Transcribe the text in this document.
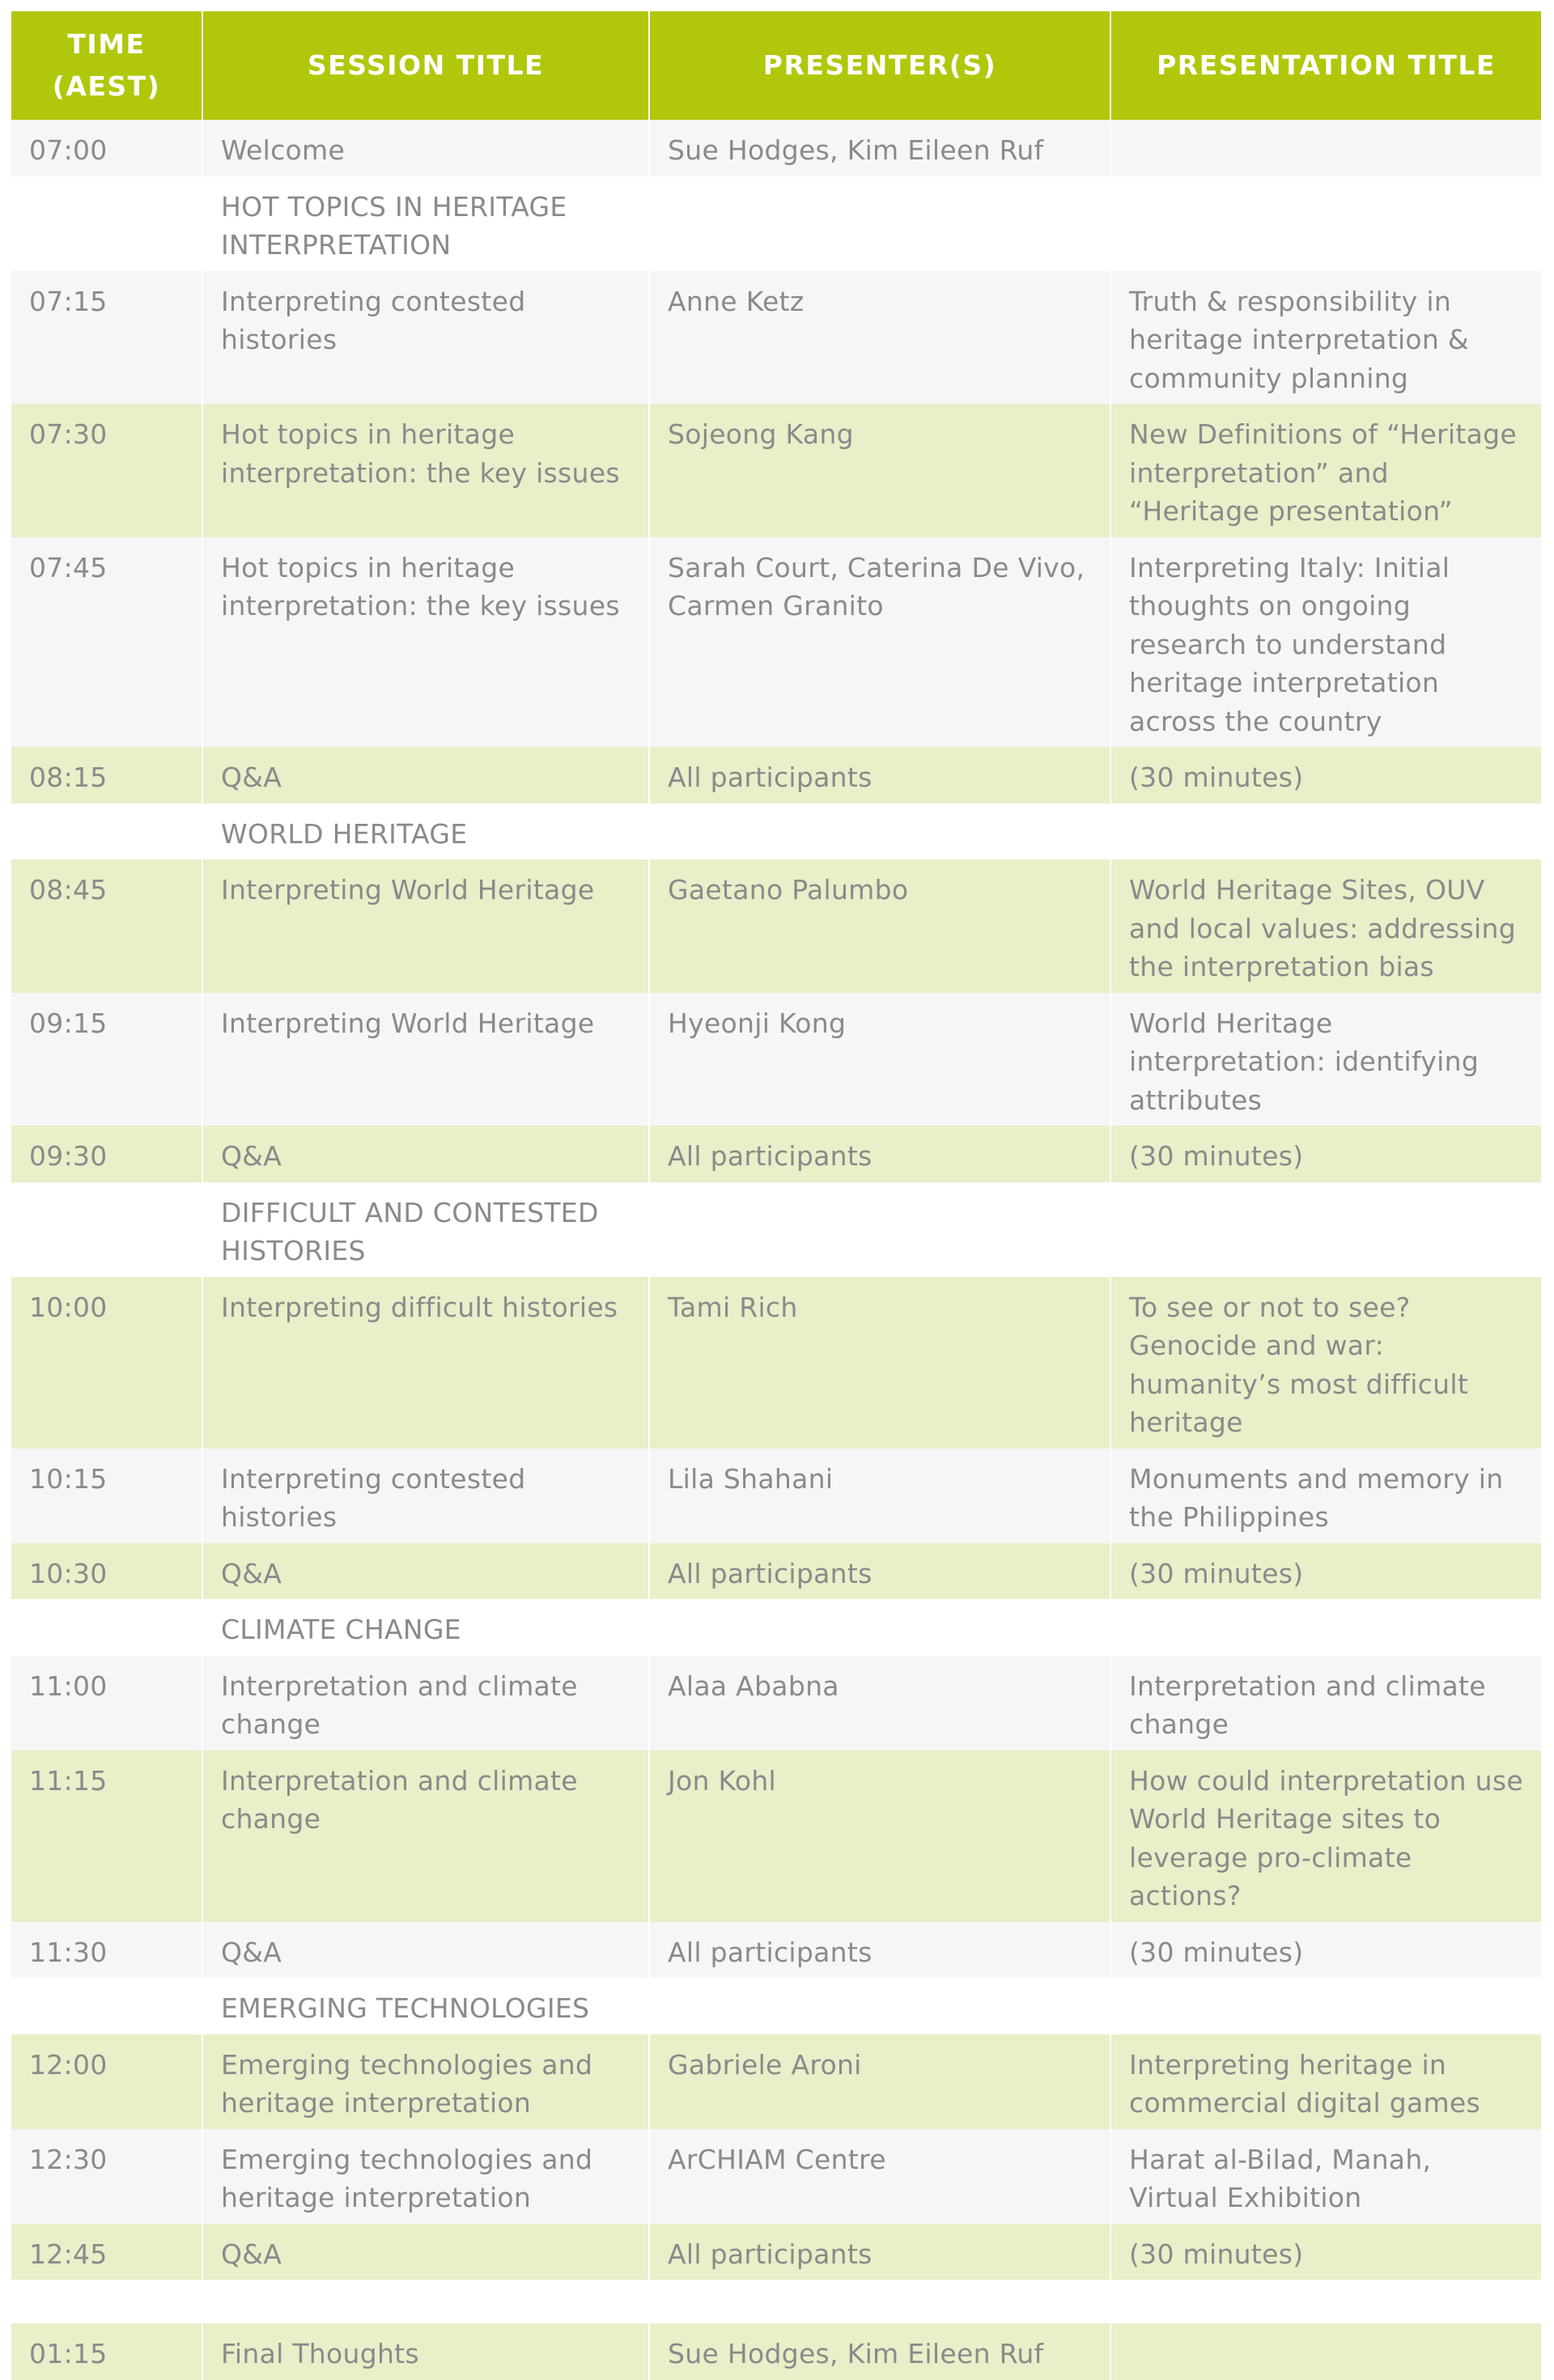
TIME
(AEST)	SESSION TITLE	PRESENTER(S)	PRESENTATION TITLE
07:00	Welcome	Sue Hodges, Kim Eileen Ruf	
	HOT TOPICS IN HERITAGE INTERPRETATION		
07:15	Interpreting contested histories	Anne Ketz	Truth & responsibility in heritage interpretation & community planning
07:30	Hot topics in heritage interpretation: the key issues	Sojeong Kang	New Definitions of “Heritage interpretation” and “Heritage presentation”
07:45	Hot topics in heritage interpretation: the key issues	Sarah Court, Caterina De Vivo, Carmen Granito	Interpreting Italy: Initial thoughts on ongoing research to understand heritage interpretation across the country
08:15	Q&A	All participants	(30 minutes)
	WORLD HERITAGE		
08:45	Interpreting World Heritage	Gaetano Palumbo	World Heritage Sites, OUV and local values: addressing the interpretation bias
09:15	Interpreting World Heritage	Hyeonji Kong	World Heritage interpretation: identifying attributes
09:30	Q&A	All participants	(30 minutes)
	DIFFICULT AND CONTESTED HISTORIES		
10:00	Interpreting difficult histories	Tami Rich	To see or not to see? Genocide and war: humanity’s most difficult heritage
10:15	Interpreting contested histories	Lila Shahani	Monuments and memory in the Philippines
10:30	Q&A	All participants	(30 minutes)
	CLIMATE CHANGE		
11:00	Interpretation and climate change	Alaa Ababna	Interpretation and climate change
11:15	Interpretation and climate change	Jon Kohl	How could interpretation use World Heritage sites to leverage pro-climate actions?
11:30	Q&A	All participants	(30 minutes)
	EMERGING TECHNOLOGIES		
12:00	Emerging technologies and heritage interpretation	Gabriele Aroni	Interpreting heritage in commercial digital games
12:30	Emerging technologies and heritage interpretation	ArCHIAM Centre	Harat al-Bilad, Manah, Virtual Exhibition
12:45	Q&A	All participants	(30 minutes)

01:15	Final Thoughts	Sue Hodges, Kim Eileen Ruf	
